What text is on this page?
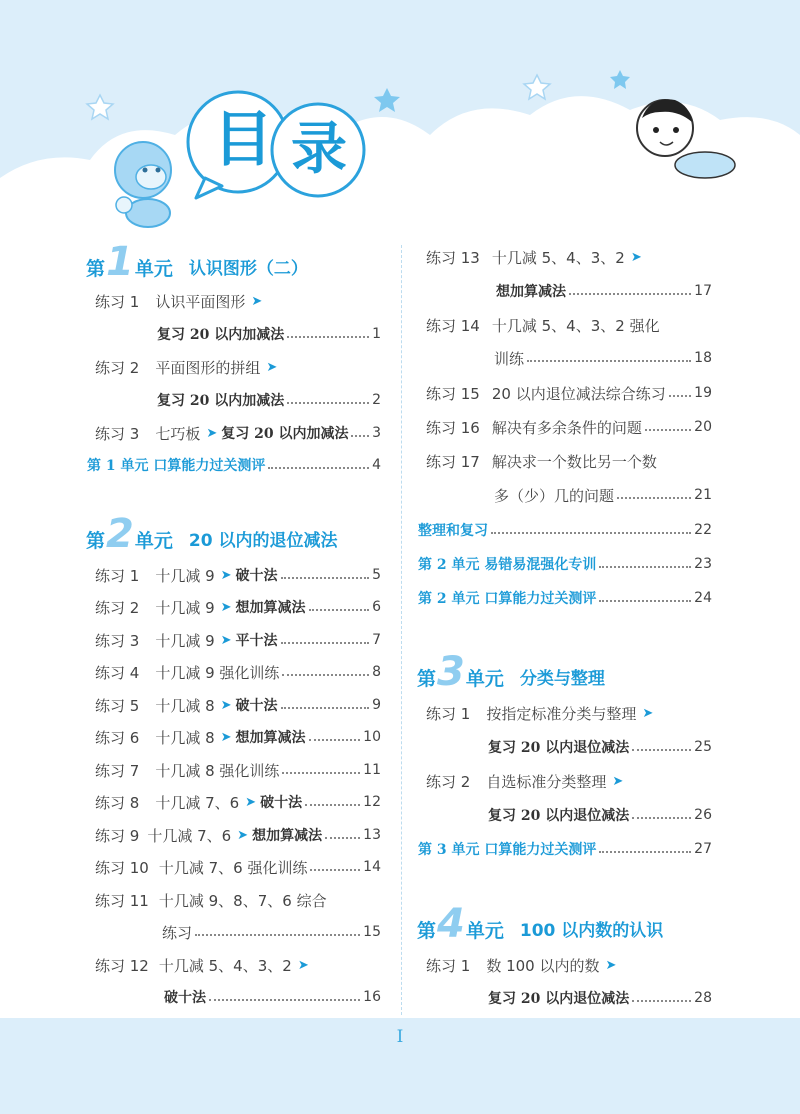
目 录
第 1 单元 认识图形（二）
练习 1 认识平面图形 ➤
复习 20 以内加减法	1
练习 2 平面图形的拼组 ➤
复习 20 以内加减法	2
练习 3 七巧板 ➤ 复习 20 以内加减法 3
第 1 单元 口算能力过关测评	4
第 2 单元 20 以内的退位减法
练习 1 十几减 9 ➤ 破十法	5
练习 2 十几减 9 ➤ 想加算减法	6
练习 3 十几减 9 ➤ 平十法	7
练习 4 十几减 9 强化训练	8
练习 5 十几减 8 ➤ 破十法	9
练习 6 十几减 8 ➤ 想加算减法	10
练习 7 十几减 8 强化训练	11
练习 8 十几减 7、6 ➤ 破十法	12
练习 9 十几减 7、6 ➤ 想加算减法	13
练习 10 十几减 7、6 强化训练	14
练习 11 十几减 9、8、7、6 综合
练习	15
练习 12 十几减 5、4、3、2 ➤
破十法	16
练习 13 十几减 5、4、3、2 ➤
想加算减法	17
练习 14 十几减 5、4、3、2 强化
训练	18
练习 15 20 以内退位减法综合练习 19
练习 16 解决有多余条件的问题	20
练习 17 解决求一个数比另一个数
多（少）几的问题	21
整理和复习	22
第 2 单元 易错易混强化专训	23
第 2 单元 口算能力过关测评	24
第 3 单元 分类与整理
练习 1 按指定标准分类与整理 ➤
复习 20 以内退位减法	25
练习 2 自选标准分类整理 ➤
复习 20 以内退位减法	26
第 3 单元 口算能力过关测评	27
第 4 单元 100 以内数的认识
练习 1 数 100 以内的数 ➤
复习 20 以内退位减法	28
I
